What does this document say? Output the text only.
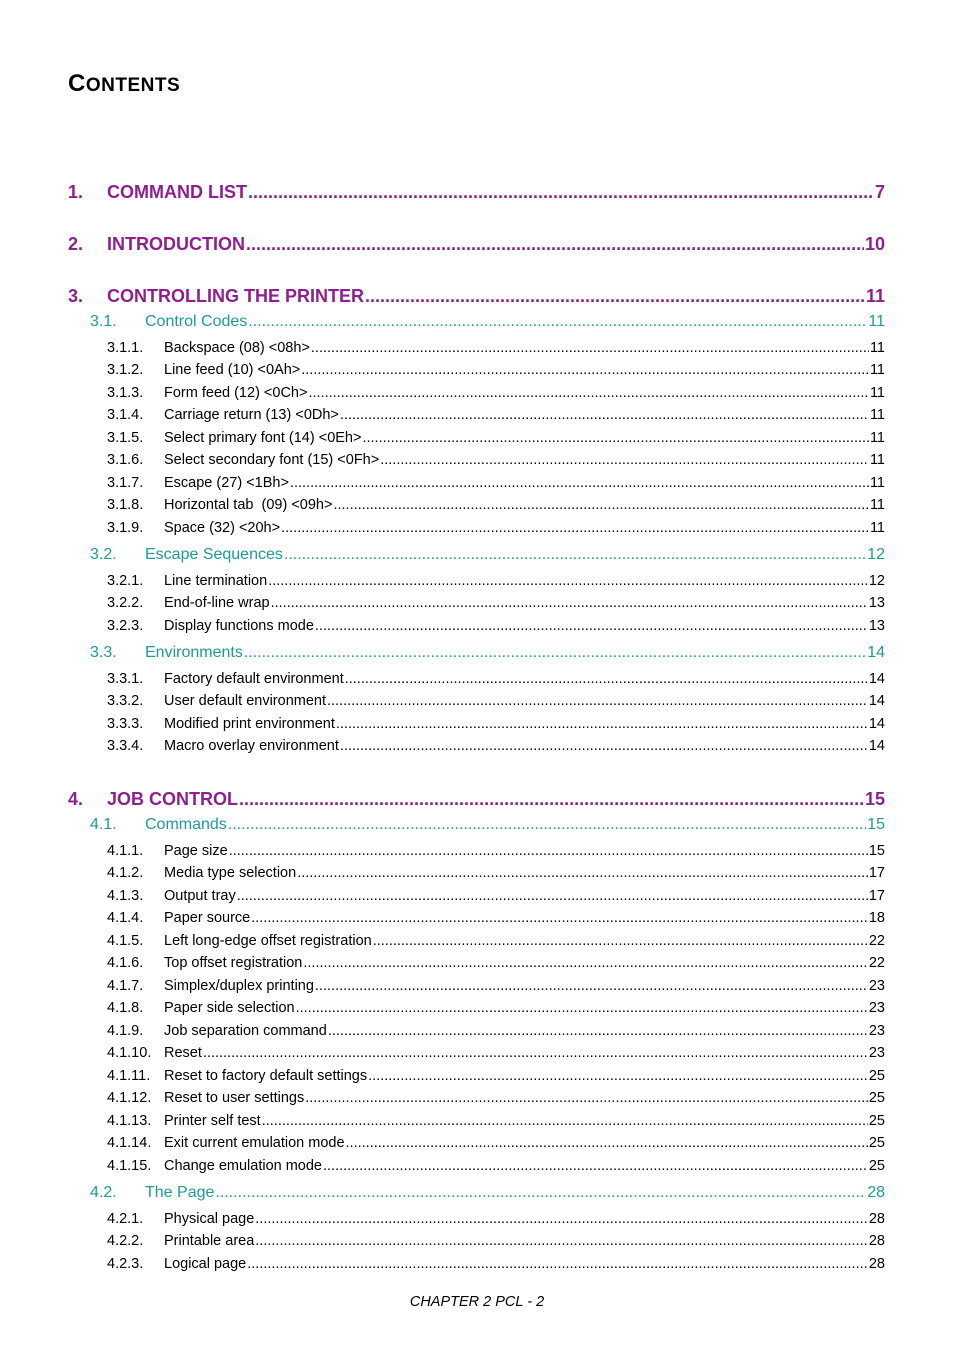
CONTENTS
1.	COMMAND LIST .....	7
2.	INTRODUCTION .....	10
3.	CONTROLLING THE PRINTER .....	11
3.1.	Control Codes .....	11
3.1.1.	Backspace (08) <08h> .....	11
3.1.2.	Line feed (10) <0Ah> .....	11
3.1.3.	Form feed (12) <0Ch> .....	11
3.1.4.	Carriage return (13) <0Dh> .....	11
3.1.5.	Select primary font (14) <0Eh> .....	11
3.1.6.	Select secondary font (15) <0Fh> .....	11
3.1.7.	Escape (27) <1Bh> .....	11
3.1.8.	Horizontal tab  (09) <09h> .....	11
3.1.9.	Space (32) <20h> .....	11
3.2.	Escape Sequences .....	12
3.2.1.	Line termination .....	12
3.2.2.	End-of-line wrap .....	13
3.2.3.	Display functions mode .....	13
3.3.	Environments .....	14
3.3.1.	Factory default environment .....	14
3.3.2.	User default environment .....	14
3.3.3.	Modified print environment .....	14
3.3.4.	Macro overlay environment .....	14
4.	JOB CONTROL .....	15
4.1.	Commands .....	15
4.1.1.	Page size .....	15
4.1.2.	Media type selection .....	17
4.1.3.	Output tray .....	17
4.1.4.	Paper source .....	18
4.1.5.	Left long-edge offset registration .....	22
4.1.6.	Top offset registration .....	22
4.1.7.	Simplex/duplex printing .....	23
4.1.8.	Paper side selection .....	23
4.1.9.	Job separation command .....	23
4.1.10. Reset .....	23
4.1.11. Reset to factory default settings .....	25
4.1.12. Reset to user settings .....	25
4.1.13. Printer self test .....	25
4.1.14. Exit current emulation mode .....	25
4.1.15. Change emulation mode .....	25
4.2.	The Page .....	28
4.2.1.	Physical page .....	28
4.2.2.	Printable area .....	28
4.2.3.	Logical page .....	28
CHAPTER 2 PCL - 2
